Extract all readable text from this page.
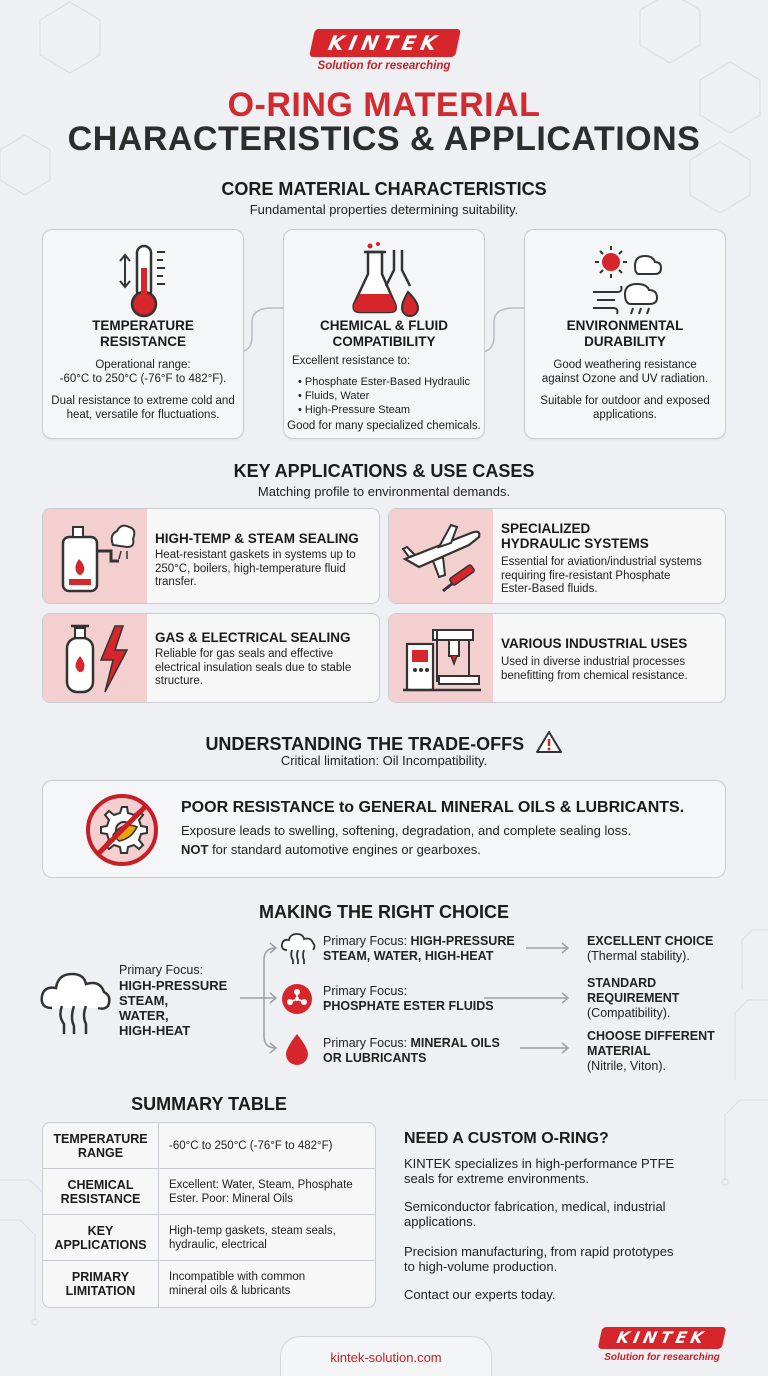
KINTEK
Solution for researching
O-RING MATERIAL
CHARACTERISTICS & APPLICATIONS
CORE MATERIAL CHARACTERISTICS
Fundamental properties determining suitability.
TEMPERATURE
RESISTANCE
Operational range:
-60°C to 250°C (-76°F to 482°F).
Dual resistance to extreme cold and
heat, versatile for fluctuations.
CHEMICAL & FLUID
COMPATIBILITY
Excellent resistance to:
• Phosphate Ester-Based Hydraulic
• Fluids, Water
• High-Pressure Steam
Good for many specialized chemicals.
ENVIRONMENTAL
DURABILITY
Good weathering resistance
against Ozone and UV radiation.
Suitable for outdoor and exposed
applications.
KEY APPLICATIONS & USE CASES
Matching profile to environmental demands.
HIGH-TEMP & STEAM SEALING
Heat-resistant gaskets in systems up to
250°C, boilers, high-temperature fluid
transfer.
SPECIALIZED
HYDRAULIC SYSTEMS
Essential for aviation/industrial systems
requiring fire-resistant Phosphate
Ester-Based fluids.
GAS & ELECTRICAL SEALING
Reliable for gas seals and effective
electrical insulation seals due to stable
structure.
VARIOUS INDUSTRIAL USES
Used in diverse industrial processes
benefitting from chemical resistance.
UNDERSTANDING THE TRADE-OFFS
Critical limitation: Oil Incompatibility.
POOR RESISTANCE to GENERAL MINERAL OILS & LUBRICANTS.
Exposure leads to swelling, softening, degradation, and complete sealing loss.
NOT for standard automotive engines or gearboxes.
MAKING THE RIGHT CHOICE
Primary Focus:
HIGH-PRESSURE
STEAM,
WATER,
HIGH-HEAT
Primary Focus: HIGH-PRESSURE
STEAM, WATER, HIGH-HEAT
EXCELLENT CHOICE
(Thermal stability).
Primary Focus:
PHOSPHATE ESTER FLUIDS
STANDARD
REQUIREMENT
(Compatibility).
Primary Focus: MINERAL OILS
OR LUBRICANTS
CHOOSE DIFFERENT
MATERIAL
(Nitrile, Viton).
SUMMARY TABLE
TEMPERATURE
RANGE	-60°C to 250°C (-76°F to 482°F)
CHEMICAL
RESISTANCE
Excellent: Water, Steam, Phosphate
Ester. Poor: Mineral Oils
KEY
APPLICATIONS
High-temp gaskets, steam seals,
hydraulic, electrical
PRIMARY
LIMITATION
Incompatible with common
mineral oils & lubricants
NEED A CUSTOM O-RING?
KINTEK specializes in high-performance PTFE
seals for extreme environments.
Semiconductor fabrication, medical, industrial
applications.
Precision manufacturing, from rapid prototypes
to high-volume production.
Contact our experts today.
KINTEK
Solution for researching
kintek-solution.com
